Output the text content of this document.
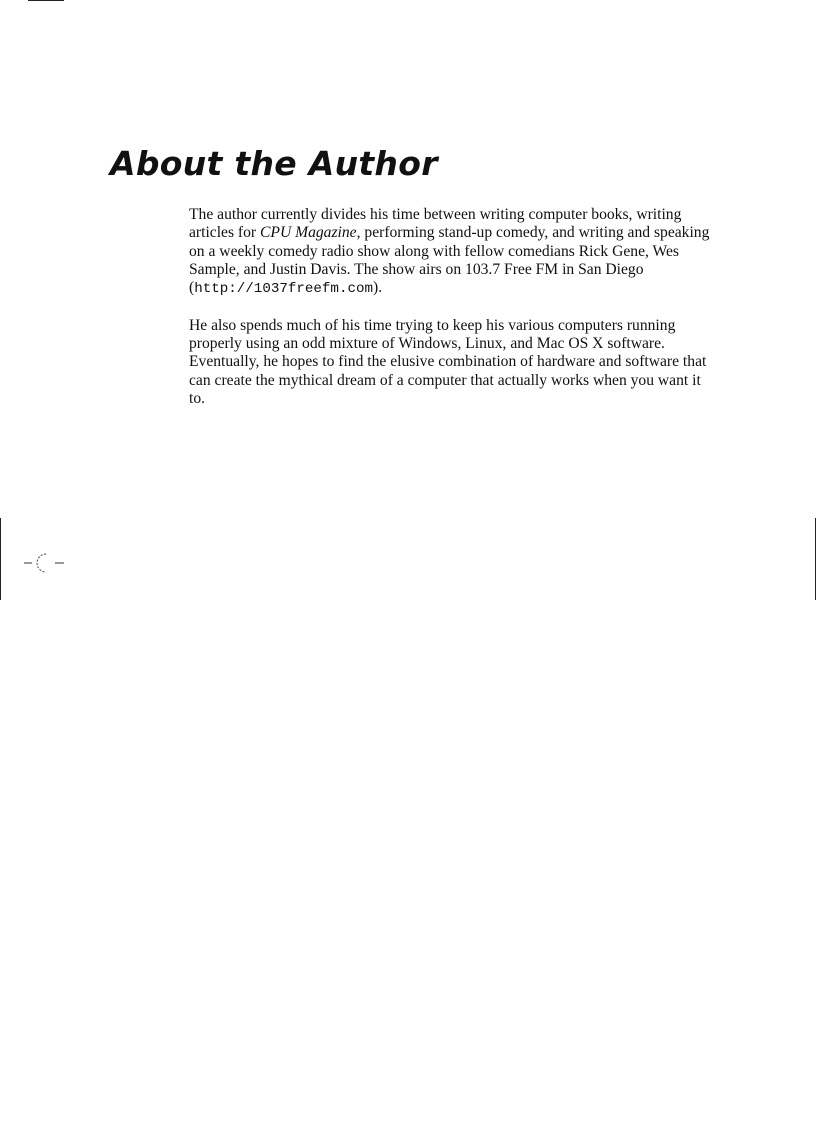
About the Author

The author currently divides his time between writing computer books, writing articles for CPU Magazine, performing stand-up comedy, and writing and speaking on a weekly comedy radio show along with fellow comedians Rick Gene, Wes Sample, and Justin Davis. The show airs on 103.7 Free FM in San Diego (http://1037freefm.com).

He also spends much of his time trying to keep his various computers running properly using an odd mixture of Windows, Linux, and Mac OS X software. Eventually, he hopes to find the elusive combination of hardware and software that can create the mythical dream of a computer that actually works when you want it to.
